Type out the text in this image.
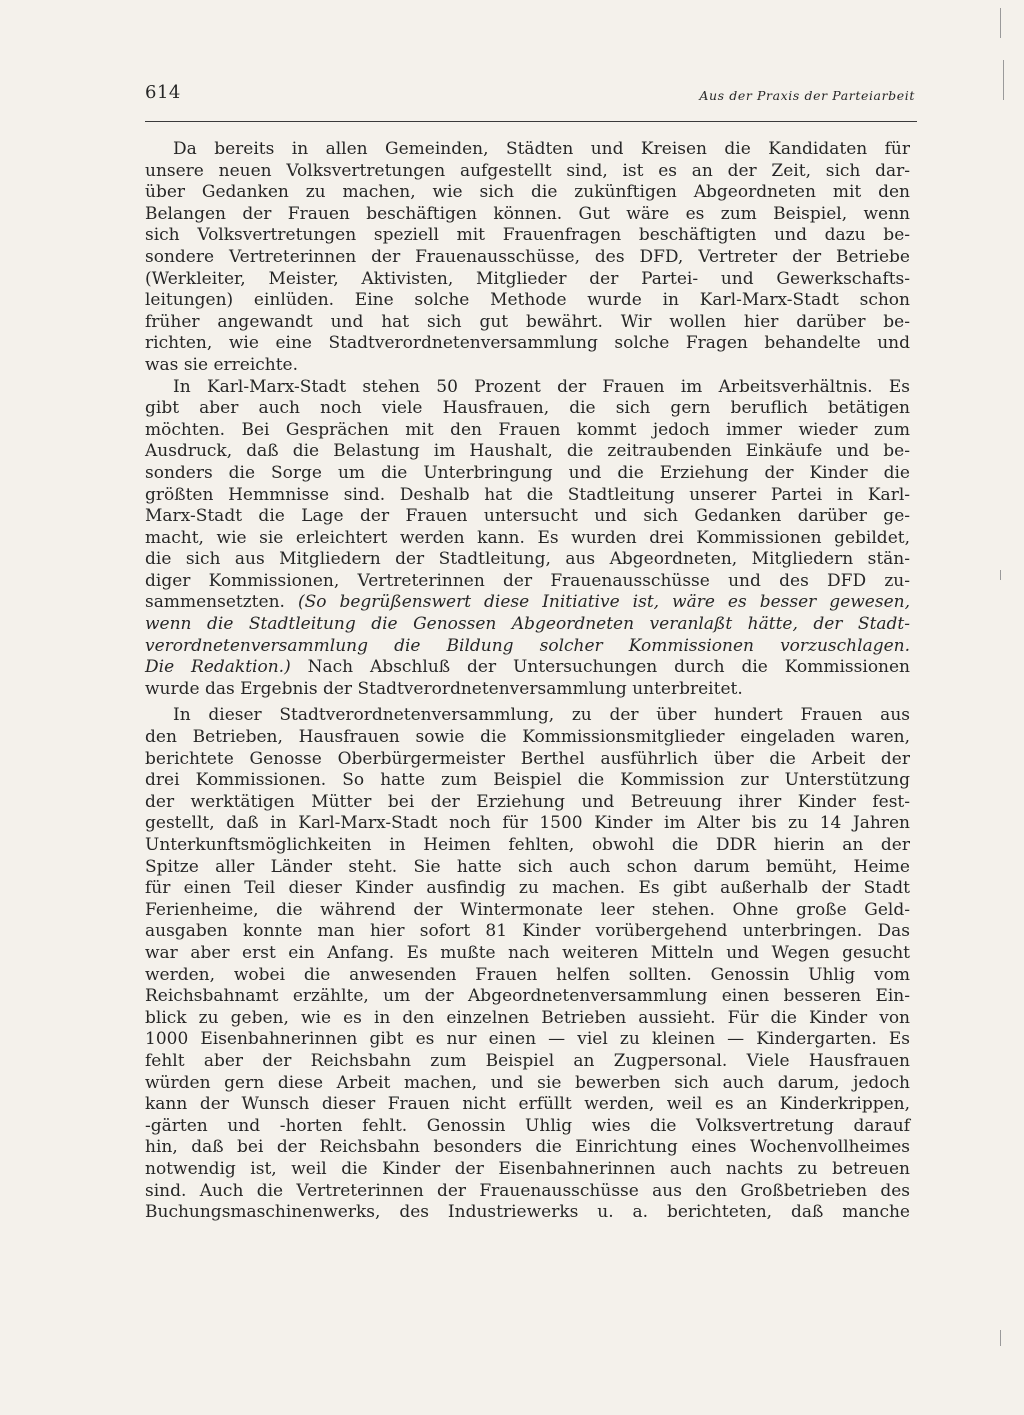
614	Aus der Praxis der Parteiarbeit

Da bereits in allen Gemeinden, Städten und Kreisen die Kandidaten für

unsere neuen Volksvertretungen aufgestellt sind, ist es an der Zeit, sich dar-

über Gedanken zu machen, wie sich die zukünftigen Abgeordneten mit den

Belangen der Frauen beschäftigen können. Gut wäre es zum Beispiel, wenn

sich Volksvertretungen speziell mit Frauenfragen beschäftigten und dazu be-

sondere Vertreterinnen der Frauenausschüsse, des DFD, Vertreter der Betriebe

(Werkleiter, Meister, Aktivisten, Mitglieder der Partei- und Gewerkschafts-

leitungen) einlüden. Eine solche Methode wurde in Karl-Marx-Stadt schon

früher angewandt und hat sich gut bewährt. Wir wollen hier darüber be-

richten, wie eine Stadtverordnetenversammlung solche Fragen behandelte und

was sie erreichte.

In Karl-Marx-Stadt stehen 50 Prozent der Frauen im Arbeitsverhältnis. Es

gibt aber auch noch viele Hausfrauen, die sich gern beruflich betätigen

möchten. Bei Gesprächen mit den Frauen kommt jedoch immer wieder zum

Ausdruck, daß die Belastung im Haushalt, die zeitraubenden Einkäufe und be-

sonders die Sorge um die Unterbringung und die Erziehung der Kinder die

größten Hemmnisse sind. Deshalb hat die Stadtleitung unserer Partei in Karl-

Marx-Stadt die Lage der Frauen untersucht und sich Gedanken darüber ge-

macht, wie sie erleichtert werden kann. Es wurden drei Kommissionen gebildet,

die sich aus Mitgliedern der Stadtleitung, aus Abgeordneten, Mitgliedern stän-

diger Kommissionen, Vertreterinnen der Frauenausschüsse und des DFD zu-

sammensetzten. (So begrüßenswert diese Initiative ist, wäre es besser gewesen,

wenn die Stadtleitung die Genossen Abgeordneten veranlaßt hätte, der Stadt-

verordnetenversammlung die Bildung solcher Kommissionen vorzuschlagen.

Die Redaktion.) Nach Abschluß der Untersuchungen durch die Kommissionen

wurde das Ergebnis der Stadtverordnetenversammlung unterbreitet.

In dieser Stadtverordnetenversammlung, zu der über hundert Frauen aus

den Betrieben, Hausfrauen sowie die Kommissionsmitglieder eingeladen waren,

berichtete Genosse Oberbürgermeister Berthel ausführlich über die Arbeit der

drei Kommissionen. So hatte zum Beispiel die Kommission zur Unterstützung

der werktätigen Mütter bei der Erziehung und Betreuung ihrer Kinder fest-

gestellt, daß in Karl-Marx-Stadt noch für 1500 Kinder im Alter bis zu 14 Jahren

Unterkunftsmöglichkeiten in Heimen fehlten, obwohl die DDR hierin an der

Spitze aller Länder steht. Sie hatte sich auch schon darum bemüht, Heime

für einen Teil dieser Kinder ausfindig zu machen. Es gibt außerhalb der Stadt

Ferienheime, die während der Wintermonate leer stehen. Ohne große Geld-

ausgaben konnte man hier sofort 81 Kinder vorübergehend unterbringen. Das

war aber erst ein Anfang. Es mußte nach weiteren Mitteln und Wegen gesucht

werden, wobei die anwesenden Frauen helfen sollten. Genossin Uhlig vom

Reichsbahnamt erzählte, um der Abgeordnetenversammlung einen besseren Ein-

blick zu geben, wie es in den einzelnen Betrieben aussieht. Für die Kinder von

1000 Eisenbahnerinnen gibt es nur einen — viel zu kleinen — Kindergarten. Es

fehlt aber der Reichsbahn zum Beispiel an Zugpersonal. Viele Hausfrauen

würden gern diese Arbeit machen, und sie bewerben sich auch darum, jedoch

kann der Wunsch dieser Frauen nicht erfüllt werden, weil es an Kinderkrippen,

-gärten und -horten fehlt. Genossin Uhlig wies die Volksvertretung darauf

hin, daß bei der Reichsbahn besonders die Einrichtung eines Wochenvollheimes

notwendig ist, weil die Kinder der Eisenbahnerinnen auch nachts zu betreuen

sind. Auch die Vertreterinnen der Frauenausschüsse aus den Großbetrieben des

Buchungsmaschinenwerks, des Industriewerks u. a. berichteten, daß manche
